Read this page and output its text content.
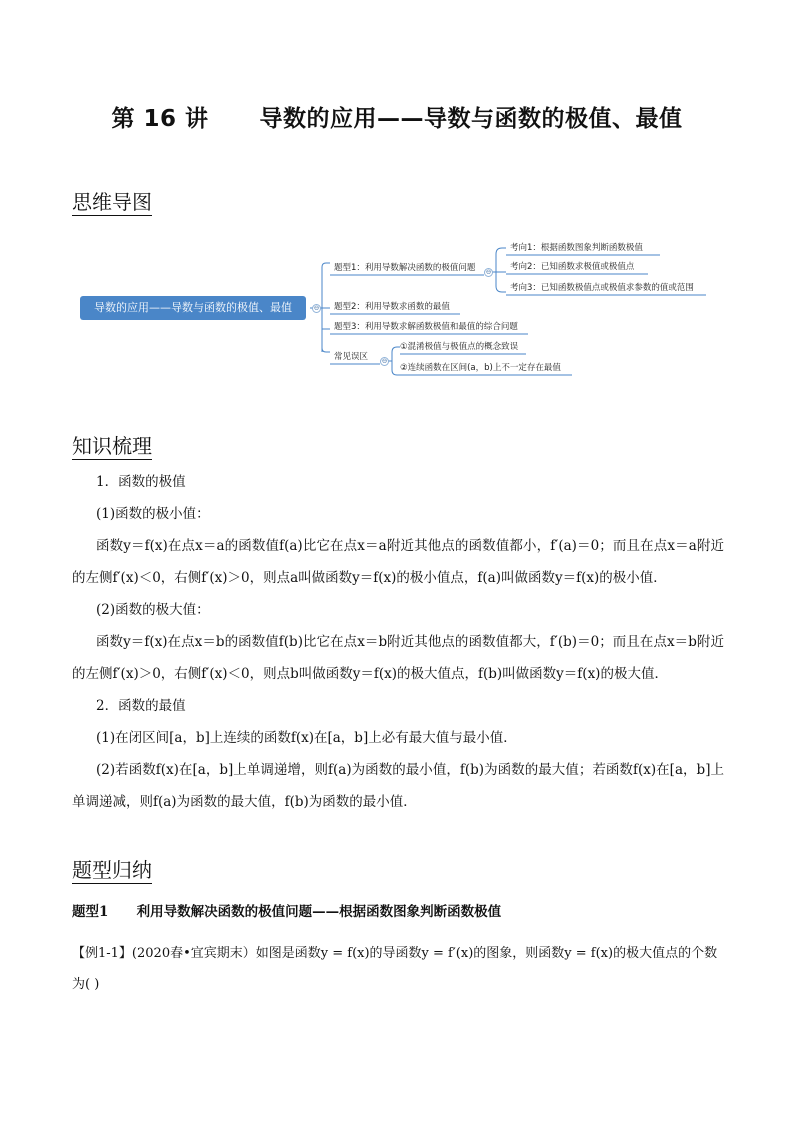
第 16 讲      导数的应用——导数与函数的极值、最值
思维导图
导数的应用——导数与函数的极值、最值	⊖
题型1：利用导数解决函数的极值问题 ⊖
题型2：利用导数求函数的最值
题型3：利用导数求解函数极值和最值的综合问题
常见误区 ⊖
考向1：根据函数图象判断函数极值
考向2：已知函数求极值或极值点
考向3：已知函数极值点或极值求参数的值或范围
①混淆极值与极值点的概念致误
②连续函数在区间(a，b)上不一定存在最值
知识梳理
1．函数的极值
(1)函数的极小值：
函数y＝f(x)在点x＝a的函数值f(a)比它在点x＝a附近其他点的函数值都小，f′(a)＝0；而且在点x＝a附近的左侧f′(x)＜0，右侧f′(x)＞0，则点a叫做函数y＝f(x)的极小值点，f(a)叫做函数y＝f(x)的极小值．
(2)函数的极大值：
函数y＝f(x)在点x＝b的函数值f(b)比它在点x＝b附近其他点的函数值都大，f′(b)＝0；而且在点x＝b附近的左侧f′(x)＞0，右侧f′(x)＜0，则点b叫做函数y＝f(x)的极大值点，f(b)叫做函数y＝f(x)的极大值．
2．函数的最值
(1)在闭区间[a，b]上连续的函数f(x)在[a，b]上必有最大值与最小值．
(2)若函数f(x)在[a，b]上单调递增，则f(a)为函数的最小值，f(b)为函数的最大值；若函数f(x)在[a，b]上单调递减，则f(a)为函数的最大值，f(b)为函数的最小值．
题型归纳
题型1      利用导数解决函数的极值问题——根据函数图象判断函数极值
【例1-1】(2020春•宜宾期末）如图是函数y = f(x)的导函数y = f′(x)的图象，则函数y = f(x)的极大值点的个数为( )
